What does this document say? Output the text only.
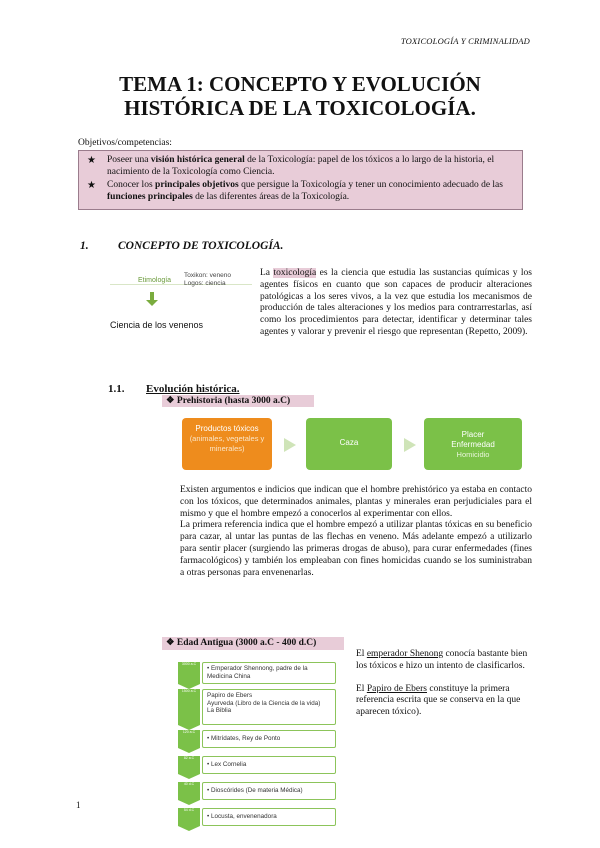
TOXICOLOGÍA Y CRIMINALIDAD
TEMA 1: CONCEPTO Y EVOLUCIÓN
HISTÓRICA DE LA TOXICOLOGÍA.
Objetivos/competencias:
★ Poseer una visión histórica general de la Toxicología: papel de los tóxicos a lo largo de la historia, el nacimiento de la Toxicología como Ciencia.
★ Conocer los principales objetivos que persigue la Toxicología y tener un conocimiento adecuado de las funciones principales de las diferentes áreas de la Toxicología.
1.	CONCEPTO DE TOXICOLOGÍA.
Etimología
Toxikon: veneno
Logos: ciencia
Ciencia de los venenos
La toxicología es la ciencia que estudia las sustancias químicas y los agentes físicos en cuanto que son capaces de producir alteraciones patológicas a los seres vivos, a la vez que estudia los mecanismos de producción de tales alteraciones y los medios para contrarrestarlas, así como los procedimientos para detectar, identificar y determinar tales agentes y valorar y prevenir el riesgo que representan (Repetto, 2009).
1.1. Evolución histórica.
❖ Prehistoria (hasta 3000 a.C)
Productos tóxicos
(animales, vegetales y minerales)
Caza
Placer
Enfermedad
Homicidio

Existen argumentos e indicios que indican que el hombre prehistórico ya estaba en contacto con los tóxicos, que determinados animales, plantas y minerales eran perjudiciales para el mismo y que el hombre empezó a conocerlos al experimentar con ellos.

La primera referencia indica que el hombre empezó a utilizar plantas tóxicas en su beneficio para cazar, al untar las puntas de las flechas en veneno. Más adelante empezó a utilizarlo para sentir placer (surgiendo las primeras drogas de abuso), para curar enfermedades (fines farmacológicos) y también los empleaban con fines homicidas cuando se los suministraban a otras personas para envenenarlas.

❖ Edad Antigua (3000 a.C - 400 d.C)
3000 a.C
• Emperador Shennong, padre de la Medicina China
1500 a.C
Papiro de Ebers
Ayurveda (Libro de la Ciencia de la vida)
La Biblia
120 a.C
• Mitrídates, Rey de Ponto
82 a.C
• Lex Cornelia
40 d.C
• Dioscórides (De materia Médica)
54 d.C
• Locusta, envenenadora

El emperador Shenong conocía bastante bien los tóxicos e hizo un intento de clasificarlos.

El Papiro de Ebers constituye la primera referencia escrita que se conserva en la que aparecen tóxico).

1
